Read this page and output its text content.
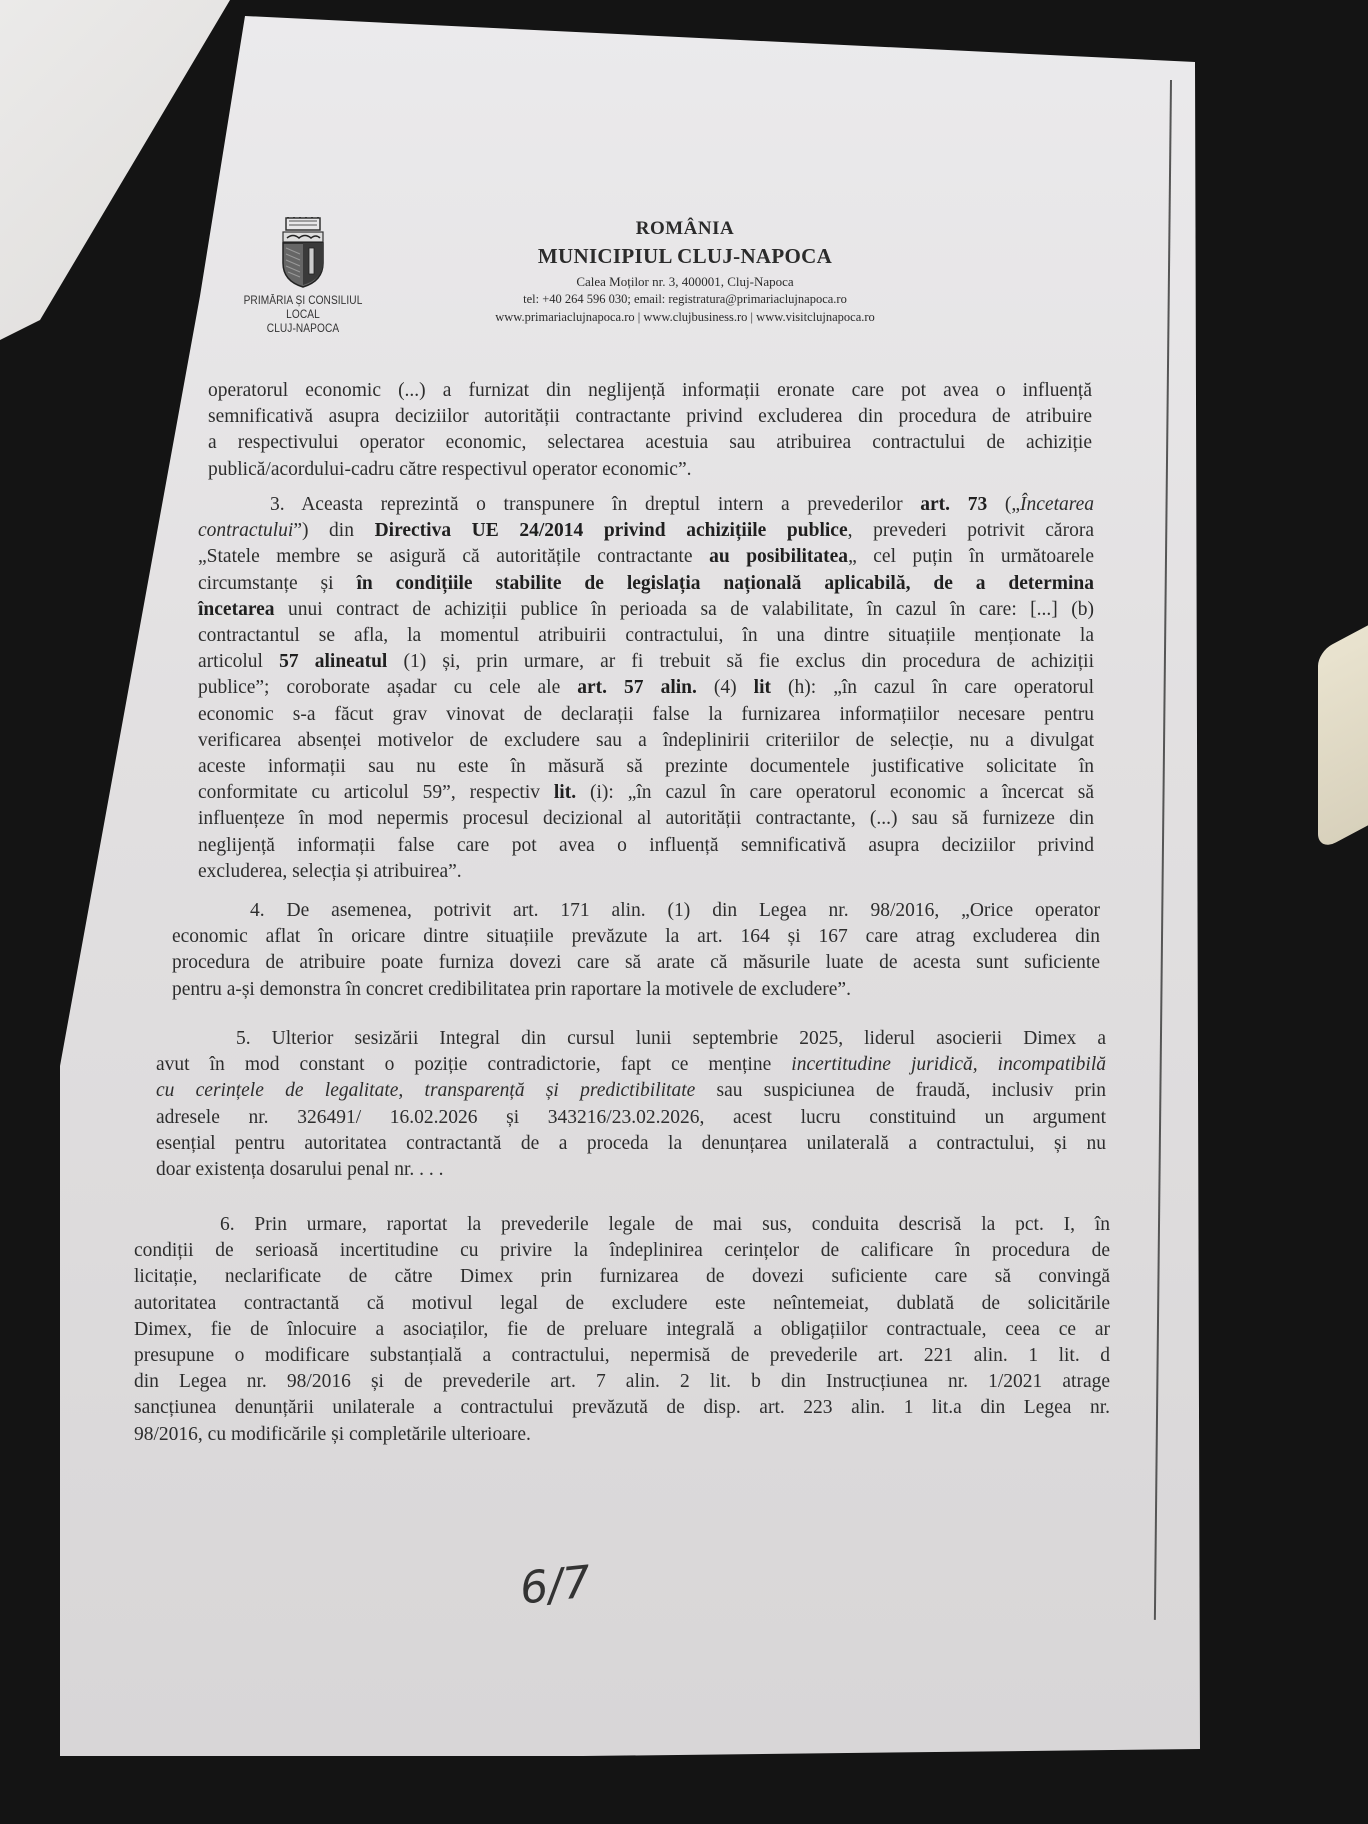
PRIMĂRIA ȘI CONSILIUL LOCAL
CLUJ-NAPOCA
ROMÂNIA
MUNICIPIUL CLUJ-NAPOCA
Calea Moților nr. 3, 400001, Cluj-Napoca
tel: +40 264 596 030; email: registratura@primariaclujnapoca.ro
www.primariaclujnapoca.ro | www.clujbusiness.ro | www.visitclujnapoca.ro
operatorul economic (...) a furnizat din neglijență informații eronate care pot avea o influență
semnificativă asupra deciziilor autorității contractante privind excluderea din procedura de atribuire
a respectivului operator economic, selectarea acestuia sau atribuirea contractului de achiziție
publică/acordului-cadru către respectivul operator economic”.
3. Aceasta reprezintă o transpunere în dreptul intern a prevederilor art. 73 („Încetarea
contractului”) din Directiva UE 24/2014 privind achizițiile publice, prevederi potrivit cărora
„Statele membre se asigură că autoritățile contractante au posibilitatea„ cel puțin în următoarele
circumstanțe și în condițiile stabilite de legislația națională aplicabilă, de a determina
încetarea unui contract de achiziții publice în perioada sa de valabilitate, în cazul în care: [...] (b)
contractantul se afla, la momentul atribuirii contractului, în una dintre situațiile menționate la
articolul 57 alineatul (1) și, prin urmare, ar fi trebuit să fie exclus din procedura de achiziții
publice”; coroborate așadar cu cele ale art. 57 alin. (4) lit (h): „în cazul în care operatorul
economic s-a făcut grav vinovat de declarații false la furnizarea informațiilor necesare pentru
verificarea absenței motivelor de excludere sau a îndeplinirii criteriilor de selecție, nu a divulgat
aceste informații sau nu este în măsură să prezinte documentele justificative solicitate în
conformitate cu articolul 59”, respectiv lit. (i): „în cazul în care operatorul economic a încercat să
influențeze în mod nepermis procesul decizional al autorității contractante, (...) sau să furnizeze din
neglijență informații false care pot avea o influență semnificativă asupra deciziilor privind
excluderea, selecția și atribuirea”.
4. De asemenea, potrivit art. 171 alin. (1) din Legea nr. 98/2016, „Orice operator
economic aflat în oricare dintre situațiile prevăzute la art. 164 și 167 care atrag excluderea din
procedura de atribuire poate furniza dovezi care să arate că măsurile luate de acesta sunt suficiente
pentru a-și demonstra în concret credibilitatea prin raportare la motivele de excludere”.
5. Ulterior sesizării Integral din cursul lunii septembrie 2025, liderul asocierii Dimex a
avut în mod constant o poziție contradictorie, fapt ce menține incertitudine juridică, incompatibilă
cu cerințele de legalitate, transparență și predictibilitate sau suspiciunea de fraudă, inclusiv prin
adresele nr. 326491/ 16.02.2026 și 343216/23.02.2026, acest lucru constituind un argument
esențial pentru autoritatea contractantă de a proceda la denunțarea unilaterală a contractului, și nu
doar existența dosarului penal nr. . . .
6. Prin urmare, raportat la prevederile legale de mai sus, conduita descrisă la pct. I, în
condiții de serioasă incertitudine cu privire la îndeplinirea cerințelor de calificare în procedura de
licitație, neclarificate de către Dimex prin furnizarea de dovezi suficiente care să convingă
autoritatea contractantă că motivul legal de excludere este neîntemeiat, dublată de solicitările
Dimex, fie de înlocuire a asociaților, fie de preluare integrală a obligațiilor contractuale, ceea ce ar
presupune o modificare substanțială a contractului, nepermisă de prevederile art. 221 alin. 1 lit. d
din Legea nr. 98/2016 și de prevederile art. 7 alin. 2 lit. b din Instrucțiunea nr. 1/2021 atrage
sancțiunea denunțării unilaterale a contractului prevăzută de disp. art. 223 alin. 1 lit.a din Legea nr.
98/2016, cu modificările și completările ulterioare.
6/7
